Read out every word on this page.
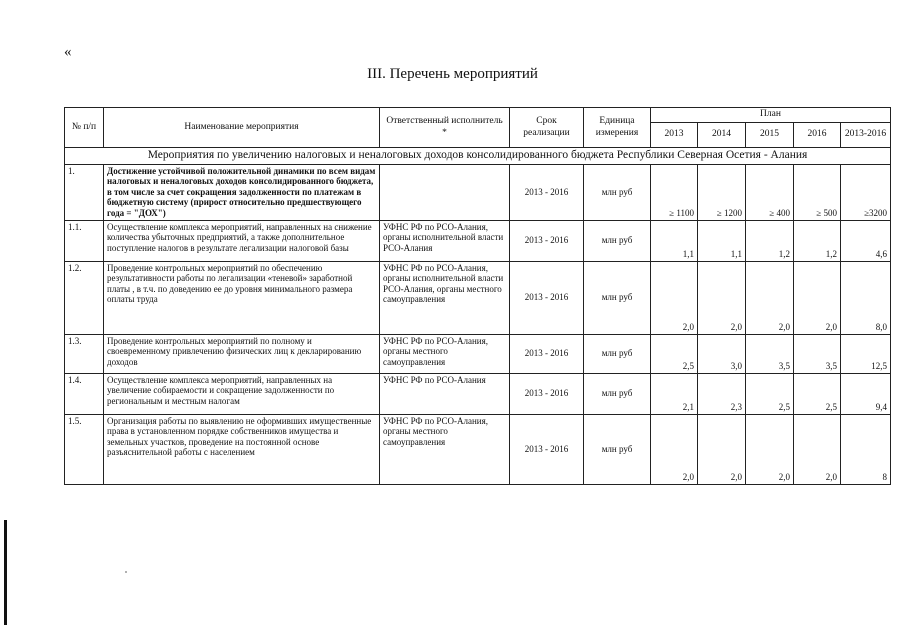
«
III. Перечень мероприятий
№ п/п	Наименование мероприятия	Ответственный исполнитель *	Срок реализации	Единица измерения	План				
					2013	2014	2015	2016	2013-2016
Мероприятия по увеличению налоговых и неналоговых доходов консолидированного бюджета Республики Северная Осетия - Алания									
1.	Достижение устойчивой положительной динамики по всем видам налоговых и неналоговых доходов консолидированного бюджета, в том числе за счет сокращения задолженности по платежам в бюджетную систему (прирост относительно предшествующего года = "ДОХ")		2013 - 2016	млн руб	≥ 1100	≥ 1200	≥ 400	≥ 500	≥3200
1.1.	Осуществление комплекса мероприятий, направленных на снижение количества убыточных предприятий, а также дополнительное поступление налогов в результате легализации налоговой базы	УФНС РФ по РСО-Алания, органы исполнительной власти РСО-Алания	2013 - 2016	млн руб	1,1	1,1	1,2	1,2	4,6
1.2.	Проведение контрольных мероприятий по обеспечению результативности работы по легализации «теневой» заработной платы , в т.ч. по доведению ее до уровня минимального размера оплаты труда	УФНС РФ по РСО-Алания, органы исполнительной власти РСО-Алания, органы местного самоуправления	2013 - 2016	млн руб	2,0	2,0	2,0	2,0	8,0
1.3.	Проведение контрольных мероприятий по полному и своевременному привлечению физических лиц к декларированию доходов	УФНС РФ по РСО-Алания, органы местного самоуправления	2013 - 2016	млн руб	2,5	3,0	3,5	3,5	12,5
1.4.	Осуществление комплекса мероприятий, направленных на увеличение собираемости и сокращение задолженности по региональным и местным налогам	УФНС РФ по РСО-Алания	2013 - 2016	млн руб	2,1	2,3	2,5	2,5	9,4
1.5.	Организация работы по выявлению не оформивших имущественные права в установленном порядке собственников имущества и земельных участков, проведение на постоянной основе разъяснительной работы с населением	УФНС РФ по РСО-Алания, органы местного самоуправления	2013 - 2016	млн руб	2,0	2,0	2,0	2,0	8
